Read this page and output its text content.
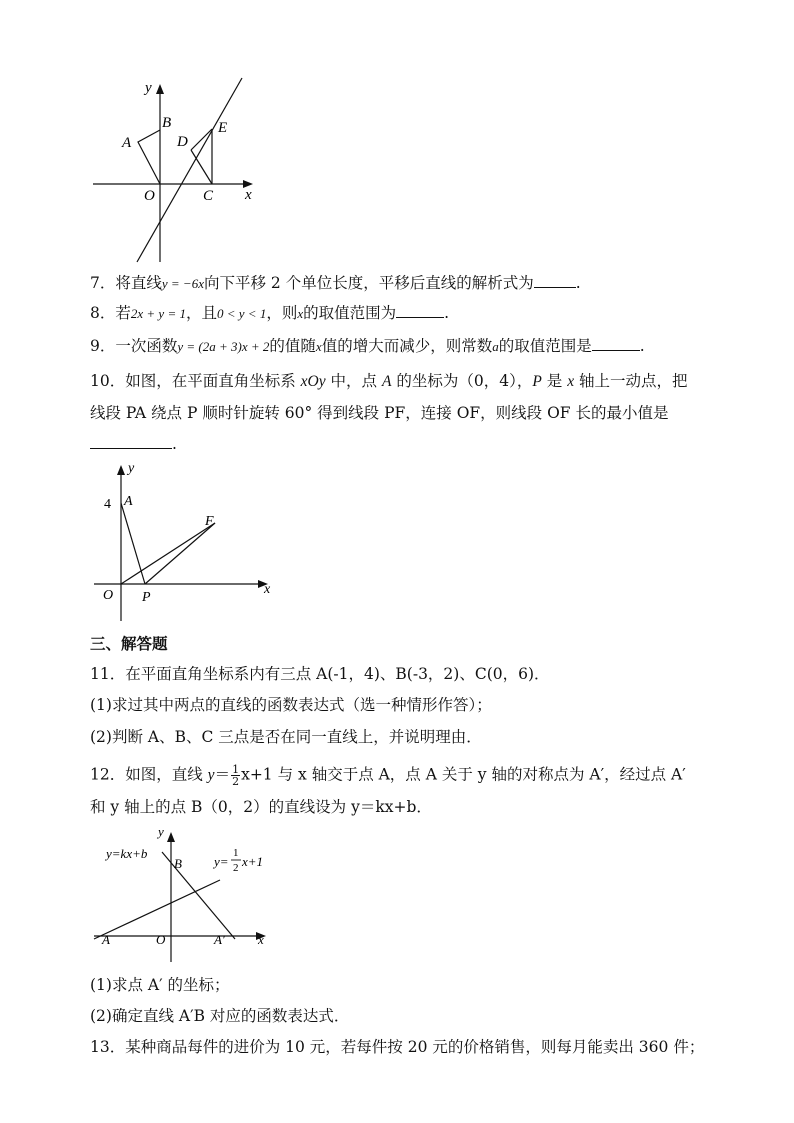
y
x
A
B
O
D
E
C
7．将直线y = −6x向下平移 2 个单位长度，平移后直线的解析式为	.
8．若2x + y = 1，且0 < y < 1，则x的取值范围为	.
9．一次函数y = (2a + 3)x + 2的值随x值的增大而减少，则常数a的取值范围是	.
10．如图，在平面直角坐标系 xOy 中，点 A 的坐标为（0，4），P 是 x 轴上一动点，把
线段 PA 绕点 P 顺时针旋转 60° 得到线段 PF，连接 OF，则线段 OF 长的最小值是
.
y
x
4 A
F
O P
三、解答题
11．在平面直角坐标系内有三点 A(-1，4)、B(-3，2)、C(0，6)．
(1)求过其中两点的直线的函数表达式（选一种情形作答）；
(2)判断 A、B、C 三点是否在同一直线上，并说明理由．
12．如图，直线 $y= \frac{1}{2} x+1$ 与 x 轴交于点 A，点 A 关于 y 轴的对称点为 A′，经过点 A′
和 y 轴上的点 B（0，2）的直线设为 y＝kx+b．
y
x
y=kx+b
B y=
1
2 x+1
A	O	A′
(1)求点 A′ 的坐标；
(2)确定直线 A′B 对应的函数表达式．
13．某种商品每件的进价为 10 元，若每件按 20 元的价格销售，则每月能卖出 360 件；
